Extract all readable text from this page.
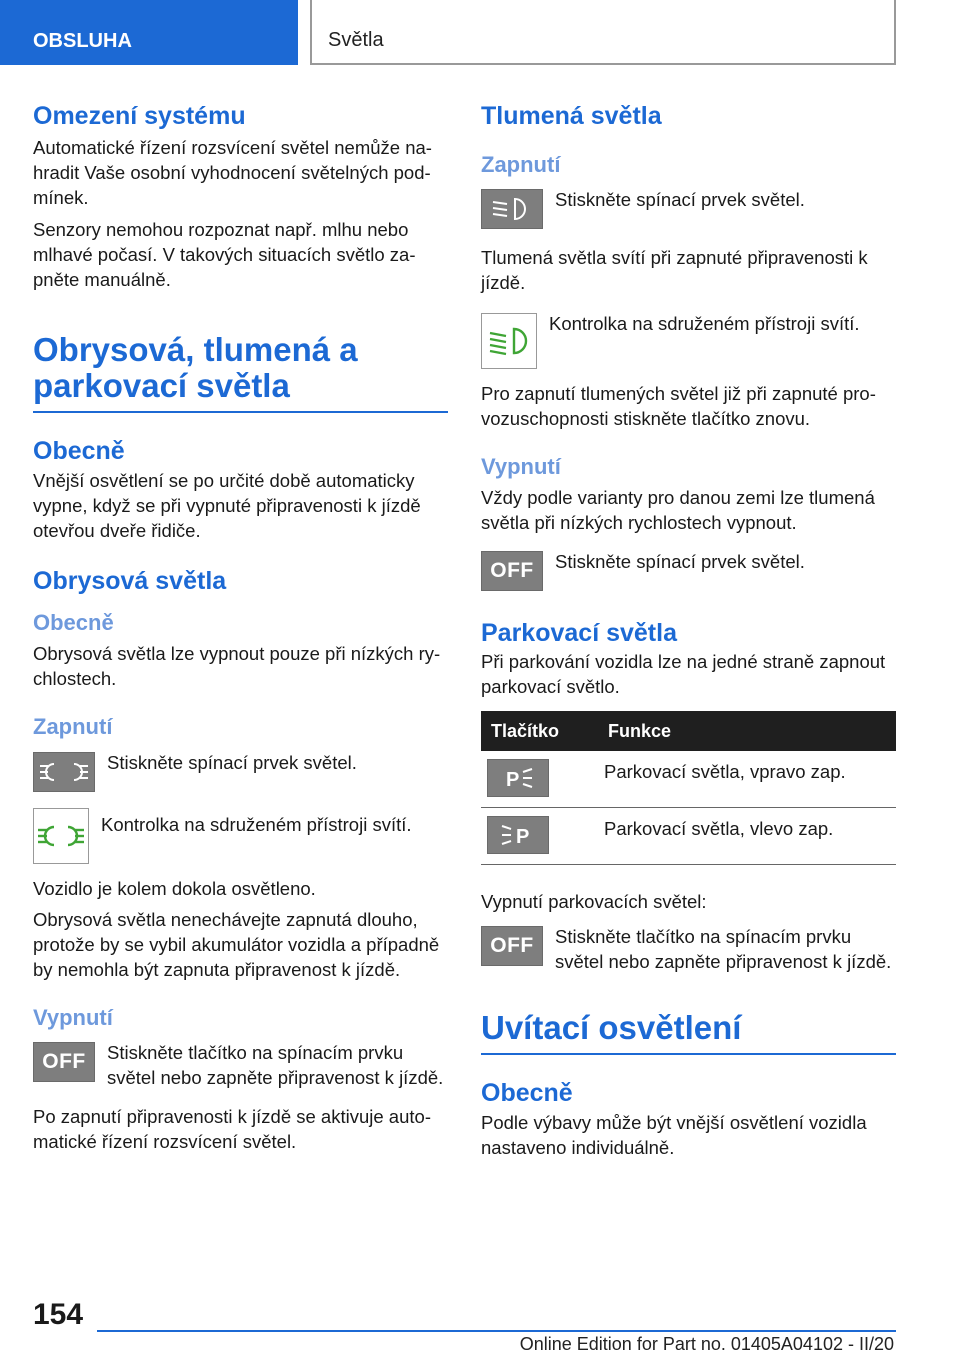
OBSLUHA	Světla
Omezení systému

Automatické řízení rozsvícení světel nemůže nahradit Vaše osobní vyhodnocení světelných podmínek.

Senzory nemohou rozpoznat např. mlhu nebo mlhavé počasí. V takových situacích světlo zapněte manuálně.

Obrysová, tlumená a parkovací světla
Obecně

Vnější osvětlení se po určité době automaticky vypne, když se při vypnuté připravenosti k jízdě otevřou dveře řidiče.

Obrysová světla
Obecně

Obrysová světla lze vypnout pouze při nízkých rychlostech.

Zapnutí

Stiskněte spínací prvek světel.

Kontrolka na sdruženém přístroji svítí.

Vozidlo je kolem dokola osvětleno.

Obrysová světla nenechávejte zapnutá dlouho, protože by se vybil akumulátor vozidla a případně by nemohla být zapnuta připravenost k jízdě.

Vypnutí
OFF	Stiskněte tlačítko na spínacím prvku světel nebo zapněte připravenost k jízdě.

Po zapnutí připravenosti k jízdě se aktivuje automatické řízení rozsvícení světel.

Tlumená světla
Zapnutí

Stiskněte spínací prvek světel.

Tlumená světla svítí při zapnuté připravenosti k jízdě.

Kontrolka na sdruženém přístroji svítí.

Pro zapnutí tlumených světel již při zapnuté provozuschopnosti stiskněte tlačítko znovu.

Vypnutí

Vždy podle varianty pro danou zemi lze tlumená světla při nízkých rychlostech vypnout.

OFF	Stiskněte spínací prvek světel.

Parkovací světla

Při parkování vozidla lze na jedné straně zapnout parkovací světlo.

Tlačítko	Funkce

P	Parkovací světla, vpravo zap.

P	Parkovací světla, vlevo zap.

Vypnutí parkovacích světel:

OFF	Stiskněte tlačítko na spínacím prvku světel nebo zapněte připravenost k jízdě.

Uvítací osvětlení
Obecně

Podle výbavy může být vnější osvětlení vozidla nastaveno individuálně.

154
Online Edition for Part no. 01405A04102 - II/20
